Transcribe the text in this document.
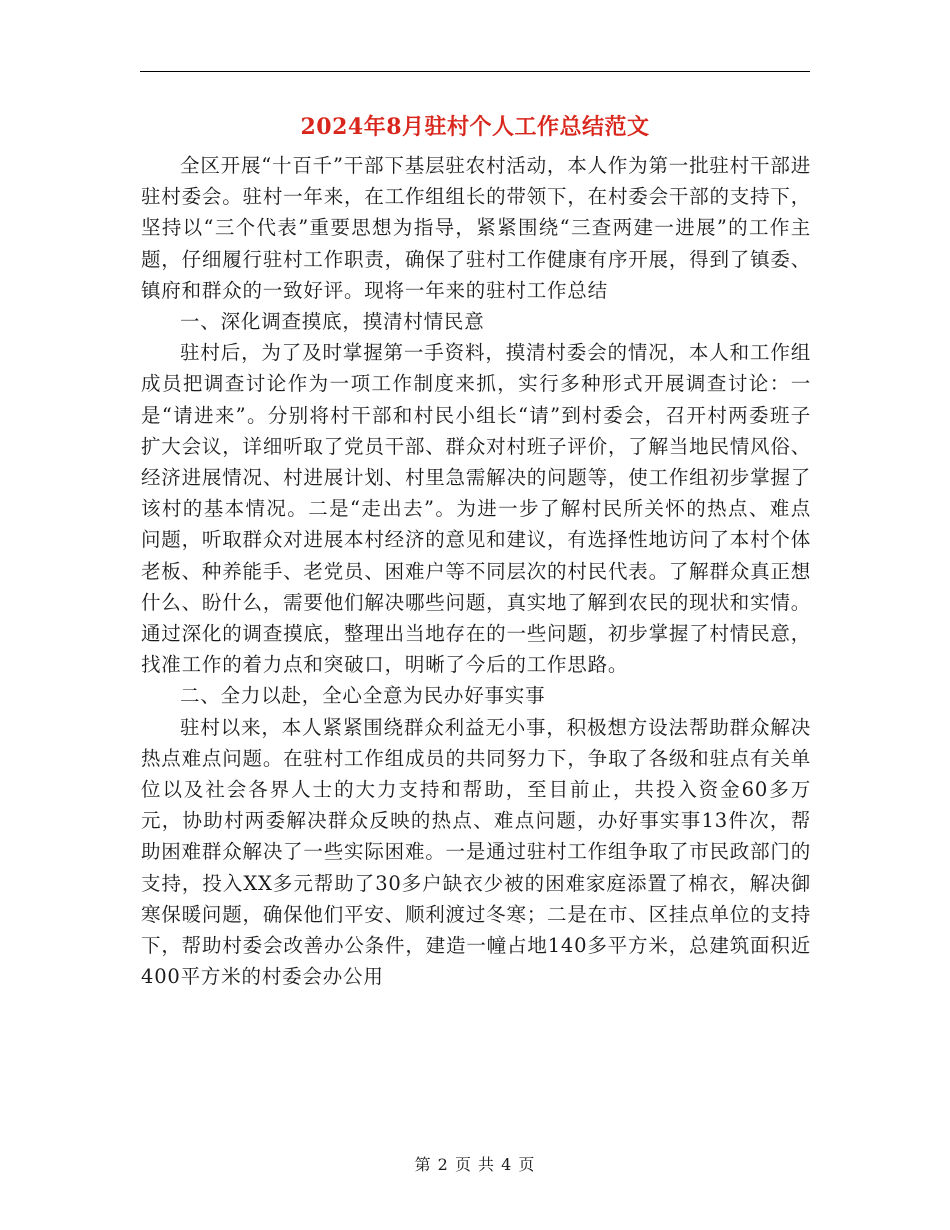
2024年8月驻村个人工作总结范文

全区开展“十百千”干部下基层驻农村活动，本人作为第一批驻村干部进驻村委会。驻村一年来，在工作组组长的带领下，在村委会干部的支持下，坚持以“三个代表”重要思想为指导，紧紧围绕“三查两建一进展”的工作主题，仔细履行驻村工作职责，确保了驻村工作健康有序开展，得到了镇委、镇府和群众的一致好评。现将一年来的驻村工作总结

一、深化调查摸底，摸清村情民意

驻村后，为了及时掌握第一手资料，摸清村委会的情况，本人和工作组成员把调查讨论作为一项工作制度来抓，实行多种形式开展调查讨论：一是“请进来”。分别将村干部和村民小组长“请”到村委会，召开村两委班子扩大会议，详细听取了党员干部、群众对村班子评价，了解当地民情风俗、经济进展情况、村进展计划、村里急需解决的问题等，使工作组初步掌握了该村的基本情况。二是“走出去”。为进一步了解村民所关怀的热点、难点问题，听取群众对进展本村经济的意见和建议，有选择性地访问了本村个体老板、种养能手、老党员、困难户等不同层次的村民代表。了解群众真正想什么、盼什么，需要他们解决哪些问题，真实地了解到农民的现状和实情。通过深化的调查摸底，整理出当地存在的一些问题，初步掌握了村情民意，找准工作的着力点和突破口，明晰了今后的工作思路。

二、全力以赴，全心全意为民办好事实事

驻村以来，本人紧紧围绕群众利益无小事，积极想方设法帮助群众解决热点难点问题。在驻村工作组成员的共同努力下，争取了各级和驻点有关单位以及社会各界人士的大力支持和帮助，至目前止，共投入资金60多万元，协助村两委解决群众反映的热点、难点问题，办好事实事13件次，帮助困难群众解决了一些实际困难。一是通过驻村工作组争取了市民政部门的支持，投入XX多元帮助了30多户缺衣少被的困难家庭添置了棉衣，解决御寒保暖问题，确保他们平安、顺利渡过冬寒；二是在市、区挂点单位的支持下，帮助村委会改善办公条件，建造一幢占地140多平方米，总建筑面积近400平方米的村委会办公用

第 2 页 共 4 页
